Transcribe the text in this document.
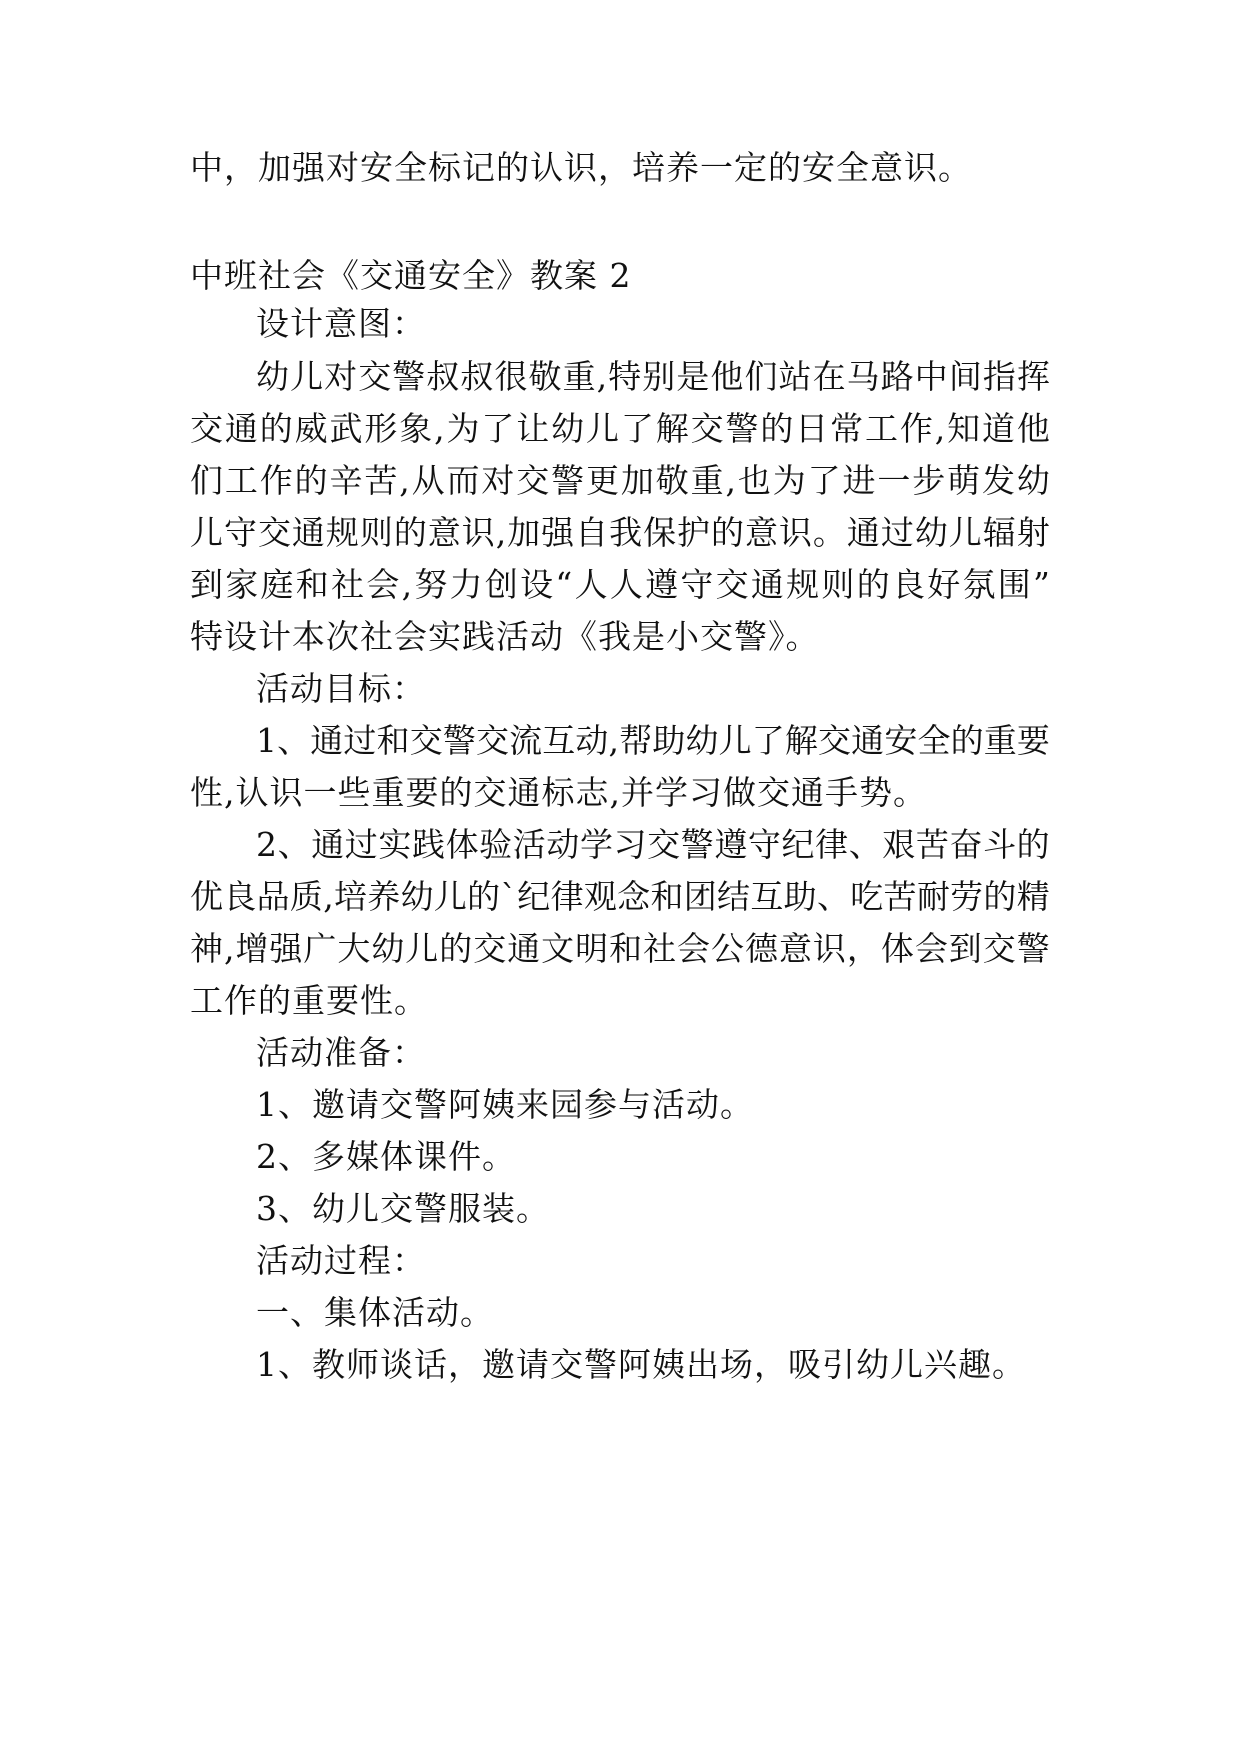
中，加强对安全标记的认识，培养一定的安全意识。
中班社会《交通安全》教案 2
设计意图：
幼 儿 对 交 警 叔 叔 很 敬 重 , 特 别 是 他 们 站 在 马 路 中 间 指 挥
交 通 的 威 武 形 象 , 为 了 让 幼 儿 了 解 交 警 的 日 常 工 作 , 知 道 他
们 工 作 的 辛 苦 , 从 而 对 交 警 更 加 敬 重 , 也 为 了 进 一 步 萌 发 幼
儿 守 交 通 规 则 的 意 识 , 加 强 自 我 保 护 的 意 识 。 通 过 幼 儿 辐 射
到 家 庭 和 社 会 , 努 力 创 设 “ 人 人 遵 守 交 通 规 则 的 良 好 氛 围 ”
特设计本次社会实践活动《我是小交警》。
活动目标：
1 、 通 过 和 交 警 交 流 互 动 , 帮 助 幼 儿 了 解 交 通 安 全 的 重 要
性,认识一些重要的交通标志,并学习做交通手势。
2 、 通 过 实 践 体 验 活 动 学 习 交 警 遵 守 纪 律 、 艰 苦 奋 斗 的
优 良 品 质 , 培 养 幼 儿 的 ` 纪 律 观 念 和 团 结 互 助 、 吃 苦 耐 劳 的 精
神 , 增 强 广 大 幼 儿 的 交 通 文 明 和 社 会 公 德 意 识 ， 体 会 到 交 警
工作的重要性。
活动准备：
1、邀请交警阿姨来园参与活动。
2、多媒体课件。
3、幼儿交警服装。
活动过程：
一、集体活动。
1、教师谈话，邀请交警阿姨出场，吸引幼儿兴趣。
